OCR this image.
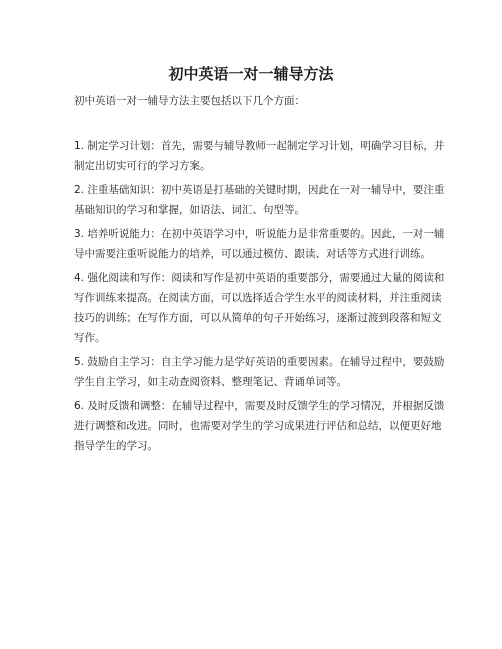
初中英语一对一辅导方法
初中英语一对一辅导方法主要包括以下几个方面：
1. 制定学习计划：首先，需要与辅导教师一起制定学习计划，明确学习目标，并制定出切实可行的学习方案。
2. 注重基础知识：初中英语是打基础的关键时期，因此在一对一辅导中，要注重基础知识的学习和掌握，如语法、词汇、句型等。
3. 培养听说能力：在初中英语学习中，听说能力是非常重要的。因此，一对一辅导中需要注重听说能力的培养，可以通过模仿、跟读、对话等方式进行训练。
4. 强化阅读和写作：阅读和写作是初中英语的重要部分，需要通过大量的阅读和写作训练来提高。在阅读方面，可以选择适合学生水平的阅读材料，并注重阅读技巧的训练；在写作方面，可以从简单的句子开始练习，逐渐过渡到段落和短文写作。
5. 鼓励自主学习：自主学习能力是学好英语的重要因素。在辅导过程中，要鼓励学生自主学习，如主动查阅资料、整理笔记、背诵单词等。
6. 及时反馈和调整：在辅导过程中，需要及时反馈学生的学习情况，并根据反馈进行调整和改进。同时，也需要对学生的学习成果进行评估和总结，以便更好地指导学生的学习。
